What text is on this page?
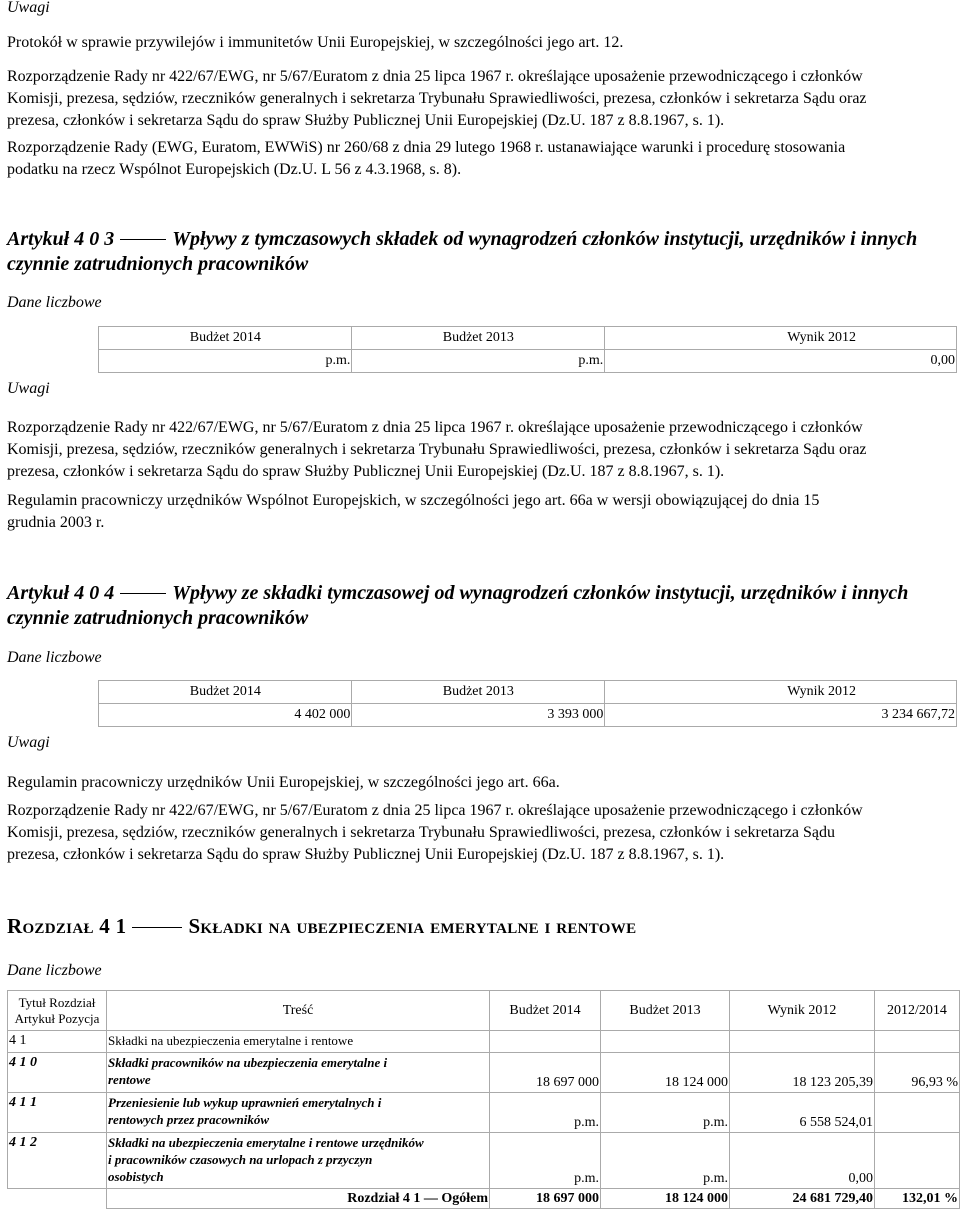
Uwagi
Protokół w sprawie przywilejów i immunitetów Unii Europejskiej, w szczególności jego art. 12.
Rozporządzenie Rady nr 422/67/EWG, nr 5/67/Euratom z dnia 25 lipca 1967 r. określające uposażenie przewodniczącego i członków
Komisji, prezesa, sędziów, rzeczników generalnych i sekretarza Trybunału Sprawiedliwości, prezesa, członków i sekretarza Sądu oraz
prezesa, członków i sekretarza Sądu do spraw Służby Publicznej Unii Europejskiej (Dz.U. 187 z 8.8.1967, s. 1).
Rozporządzenie Rady (EWG, Euratom, EWWiS) nr 260/68 z dnia 29 lutego 1968 r. ustanawiające warunki i procedurę stosowania
podatku na rzecz Wspólnot Europejskich (Dz.U. L 56 z 4.3.1968, s. 8).
Artykuł 4 0 3	Wpływy z tymczasowych składek od wynagrodzeń członków instytucji, urzędników i innych
czynnie zatrudnionych pracowników
Dane liczbowe
	Budżet 2014	Budżet 2013	Wynik 2012
	p.m.	p.m.	0,00
Uwagi
Rozporządzenie Rady nr 422/67/EWG, nr 5/67/Euratom z dnia 25 lipca 1967 r. określające uposażenie przewodniczącego i członków
Komisji, prezesa, sędziów, rzeczników generalnych i sekretarza Trybunału Sprawiedliwości, prezesa, członków i sekretarza Sądu oraz
prezesa, członków i sekretarza Sądu do spraw Służby Publicznej Unii Europejskiej (Dz.U. 187 z 8.8.1967, s. 1).
Regulamin pracowniczy urzędników Wspólnot Europejskich, w szczególności jego art. 66a w wersji obowiązującej do dnia 15
grudnia 2003 r.
Artykuł 4 0 4	Wpływy ze składki tymczasowej od wynagrodzeń członków instytucji, urzędników i innych
czynnie zatrudnionych pracowników
Dane liczbowe
	Budżet 2014	Budżet 2013	Wynik 2012
	4 402 000	3 393 000	3 234 667,72
Uwagi
Regulamin pracowniczy urzędników Unii Europejskiej, w szczególności jego art. 66a.
Rozporządzenie Rady nr 422/67/EWG, nr 5/67/Euratom z dnia 25 lipca 1967 r. określające uposażenie przewodniczącego i członków
Komisji, prezesa, sędziów, rzeczników generalnych i sekretarza Trybunału Sprawiedliwości, prezesa, członków i sekretarza Sądu
prezesa, członków i sekretarza Sądu do spraw Służby Publicznej Unii Europejskiej (Dz.U. 187 z 8.8.1967, s. 1).
Rozdział 4 1	Składki na ubezpieczenia emerytalne i rentowe
Dane liczbowe
Tytuł Rozdział
Artykuł Pozycja	Treść	Budżet 2014	Budżet 2013	Wynik 2012	2012/2014
4 1	Składki na ubezpieczenia emerytalne i rentowe				
4 1 0	Składki pracowników na ubezpieczenia emerytalne i
rentowe	18 697 000	18 124 000	18 123 205,39	96,93 %
4 1 1	Przeniesienie lub wykup uprawnień emerytalnych i
rentowych przez pracowników	p.m.	p.m.	6 558 524,01	
4 1 2	Składki na ubezpieczenia emerytalne i rentowe urzędników
i pracowników czasowych na urlopach z przyczyn
osobistych	p.m.	p.m.	0,00	
	Rozdział 4 1 — Ogółem	18 697 000	18 124 000	24 681 729,40	132,01 %
